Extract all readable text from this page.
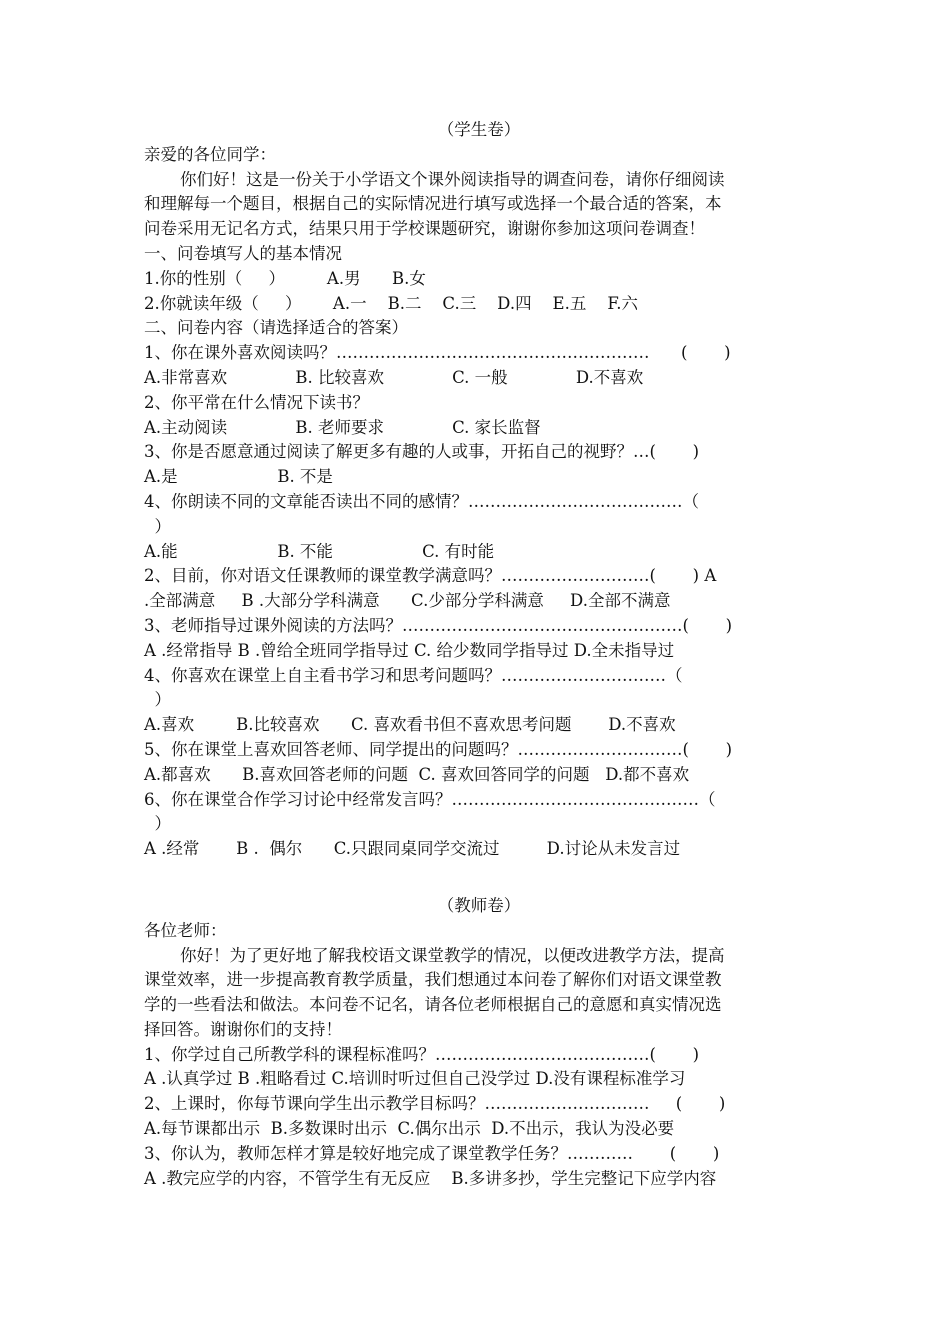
（学生卷）
亲爱的各位同学：
你们好！这是一份关于小学语文个课外阅读指导的调查问卷，请你仔细阅读
和理解每一个题目，根据自己的实际情况进行填写或选择一个最合适的答案，本
问卷采用无记名方式，结果只用于学校课题研究，谢谢你参加这项问卷调查！
一、问卷填写人的基本情况
1.你的性别（     ）        A.男      B.女
2.你就读年级（     ）      A.一    B.二    C.三    D.四    E.五    F.六
二、问卷内容（请选择适合的答案）
1、你在课外喜欢阅读吗？…………………………………………………      (       )
A.非常喜欢             B. 比较喜欢             C. 一般             D.不喜欢
2、你平常在什么情况下读书？
A.主动阅读             B. 老师要求             C. 家长监督
3、你是否愿意通过阅读了解更多有趣的人或事，开拓自己的视野？…(       )
A.是                   B. 不是
4、你朗读不同的文章能否读出不同的感情？…………………………………（
）
A.能                   B. 不能                 C. 有时能
2、目前，你对语文任课教师的课堂教学满意吗？………………………(       ) A
.全部满意     B .大部分学科满意      C.少部分学科满意     D.全部不满意
3、老师指导过课外阅读的方法吗？……………………………………………(       )
A .经常指导 B .曾给全班同学指导过 C. 给少数同学指导过 D.全未指导过
4、你喜欢在课堂上自主看书学习和思考问题吗？…………………………（
）
A.喜欢        B.比较喜欢      C. 喜欢看书但不喜欢思考问题       D.不喜欢
5、你在课堂上喜欢回答老师、同学提出的问题吗？…………………………(       )
A.都喜欢      B.喜欢回答老师的问题  C. 喜欢回答同学的问题   D.都不喜欢
6、你在课堂合作学习讨论中经常发言吗？………………………………………（
）
A .经常       B .  偶尔      C.只跟同桌同学交流过         D.讨论从未发言过
（教师卷）
各位老师：
你好！为了更好地了解我校语文课堂教学的情况，以便改进教学方法，提高
课堂效率，进一步提高教育教学质量，我们想通过本问卷了解你们对语文课堂教
学的一些看法和做法。本问卷不记名，请各位老师根据自己的意愿和真实情况选
择回答。谢谢你们的支持！
1、你学过自己所教学科的课程标准吗？…………………………………(       )
A .认真学过 B .粗略看过 C.培训时听过但自己没学过 D.没有课程标准学习
2、上课时，你每节课向学生出示教学目标吗？…………………………     (       )
A.每节课都出示  B.多数课时出示  C.偶尔出示  D.不出示，我认为没必要
3、你认为，教师怎样才算是较好地完成了课堂教学任务？…………       (       )
A .教完应学的内容，不管学生有无反应    B.多讲多抄，学生完整记下应学内容
